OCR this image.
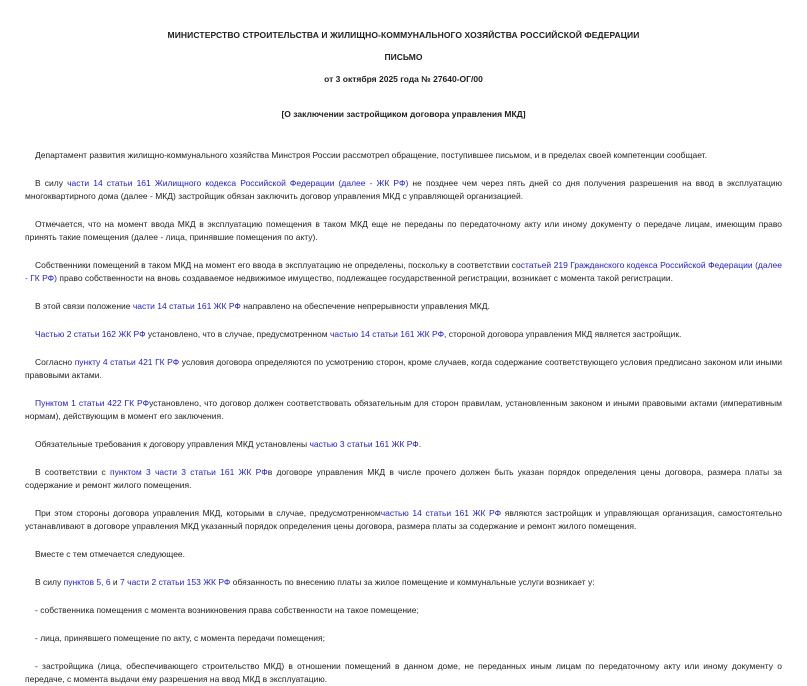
МИНИСТЕРСТВО СТРОИТЕЛЬСТВА И ЖИЛИЩНО-КОММУНАЛЬНОГО ХОЗЯЙСТВА РОССИЙСКОЙ ФЕДЕРАЦИИ
ПИСЬМО
от 3 октября 2025 года № 27640-ОГ/00
[О заключении застройщиком договора управления МКД]

Департамент развития жилищно-коммунального хозяйства Минстроя России рассмотрел обращение, поступившее письмом, и в пределах своей компетенции сообщает.

В силу части 14 статьи 161 Жилищного кодекса Российской Федерации (далее - ЖК РФ) не позднее чем через пять дней со дня получения разрешения на ввод в эксплуатацию многоквартирного дома (далее - МКД) застройщик обязан заключить договор управления МКД с управляющей организацией.

Отмечается, что на момент ввода МКД в эксплуатацию помещения в таком МКД еще не переданы по передаточному акту или иному документу о передаче лицам, имеющим право принять такие помещения (далее - лица, принявшие помещения по акту).

Собственники помещений в таком МКД на момент его ввода в эксплуатацию не определены, поскольку в соответствии состатьей 219 Гражданского кодекса Российской Федерации (далее - ГК РФ) право собственности на вновь создаваемое недвижимое имущество, подлежащее государственной регистрации, возникает с момента такой регистрации.

В этой связи положение части 14 статьи 161 ЖК РФ направлено на обеспечение непрерывности управления МКД.

Частью 2 статьи 162 ЖК РФ установлено, что в случае, предусмотренном частью 14 статьи 161 ЖК РФ, стороной договора управления МКД является застройщик.

Согласно пункту 4 статьи 421 ГК РФ условия договора определяются по усмотрению сторон, кроме случаев, когда содержание соответствующего условия предписано законом или иными правовыми актами.

Пунктом 1 статьи 422 ГК РФустановлено, что договор должен соответствовать обязательным для сторон правилам, установленным законом и иными правовыми актами (императивным нормам), действующим в момент его заключения.

Обязательные требования к договору управления МКД установлены частью 3 статьи 161 ЖК РФ.

В соответствии с пунктом 3 части 3 статьи 161 ЖК РФв договоре управления МКД в числе прочего должен быть указан порядок определения цены договора, размера платы за содержание и ремонт жилого помещения.

При этом стороны договора управления МКД, которыми в случае, предусмотренномчастью 14 статьи 161 ЖК РФ являются застройщик и управляющая организация, самостоятельно устанавливают в договоре управления МКД указанный порядок определения цены договора, размера платы за содержание и ремонт жилого помещения.

Вместе с тем отмечается следующее.

В силу пунктов 5, 6 и 7 части 2 статьи 153 ЖК РФ обязанность по внесению платы за жилое помещение и коммунальные услуги возникает у:

- собственника помещения с момента возникновения права собственности на такое помещение;

- лица, принявшего помещение по акту, с момента передачи помещения;

- застройщика (лица, обеспечивающего строительство МКД) в отношении помещений в данном доме, не переданных иным лицам по передаточному акту или иному документу о передаче, с момента выдачи ему разрешения на ввод МКД в эксплуатацию.
